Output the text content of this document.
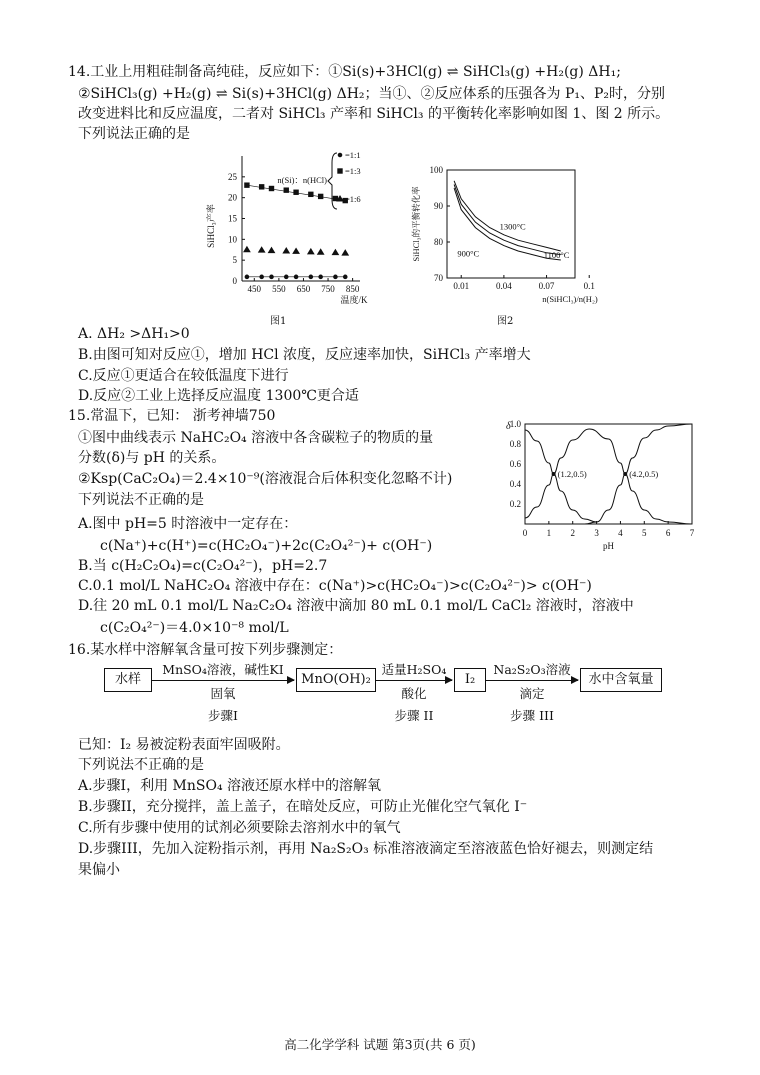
14.工业上用粗硅制备高纯硅，反应如下：①Si(s)+3HCl(g) ⇌ SiHCl₃(g) +H₂(g) ΔH₁;
②SiHCl₃(g) +H₂(g) ⇌ Si(s)+3HCl(g) ΔH₂；当①、②反应体系的压强各为 P₁、P₂时，分别
改变进料比和反应温度，二者对 SiHCl₃ 产率和 SiHCl₃ 的平衡转化率影响如图 1、图 2 所示。
下列说法正确的是
0
5
10
15
20
25
450 550 650 750 850
温度/K
SiHCl₃产率
n(Si)：n(HCl)
=1:1
=1:3
=1:6
图1
70
80
90
100
0.01	0.04	0.07	0.1
n(SiHCl₃)/n(H₂)
SiHCl₃的平衡转化率	1300°C
1100°C
900°C
图2
A. ΔH₂ >ΔH₁>0
B.由图可知对反应①，增加 HCl 浓度，反应速率加快，SiHCl₃ 产率增大
C.反应①更适合在较低温度下进行
D.反应②工业上选择反应温度 1300℃更合适
15.常温下，已知： 浙考神墙750
①图中曲线表示 NaHC₂O₄ 溶液中各含碳粒子的物质的量
分数(δ)与 pH 的关系。
②Ksp(CaC₂O₄)＝2.4×10⁻⁹(溶液混合后体积变化忽略不计)
下列说法不正确的是	0.2
0.4
0.6
0.8
1.0
0 1 2 3 4 5 6 7
pH
δ
(1.2,0.5)	(4.2,0.5)
A.图中 pH=5 时溶液中一定存在：
c(Na⁺)+c(H⁺)=c(HC₂O₄⁻)+2c(C₂O₄²⁻)+ c(OH⁻)
B.当 c(H₂C₂O₄)=c(C₂O₄²⁻)，pH=2.7
C.0.1 mol/L NaHC₂O₄ 溶液中存在：c(Na⁺)>c(HC₂O₄⁻)>c(C₂O₄²⁻)> c(OH⁻)
D.往 20 mL 0.1 mol/L Na₂C₂O₄ 溶液中滴加 80 mL 0.1 mol/L CaCl₂ 溶液时，溶液中
c(C₂O₄²⁻)＝4.0×10⁻⁸ mol/L
16.某水样中溶解氧含量可按下列步骤测定：
水样
MnSO₄溶液，碱性KI
固氧
步骤I
MnO(OH)₂
适量H₂SO₄
酸化
步骤 II
I₂
Na₂S₂O₃溶液
滴定
步骤 III
水中含氧量
已知：I₂ 易被淀粉表面牢固吸附。
下列说法不正确的是
A.步骤I，利用 MnSO₄ 溶液还原水样中的溶解氧
B.步骤II，充分搅拌，盖上盖子，在暗处反应，可防止光催化空气氧化 I⁻
C.所有步骤中使用的试剂必须要除去溶剂水中的氧气
D.步骤III，先加入淀粉指示剂，再用 Na₂S₂O₃ 标准溶液滴定至溶液蓝色恰好褪去，则测定结
果偏小
高二化学学科 试题 第3页(共 6 页)
